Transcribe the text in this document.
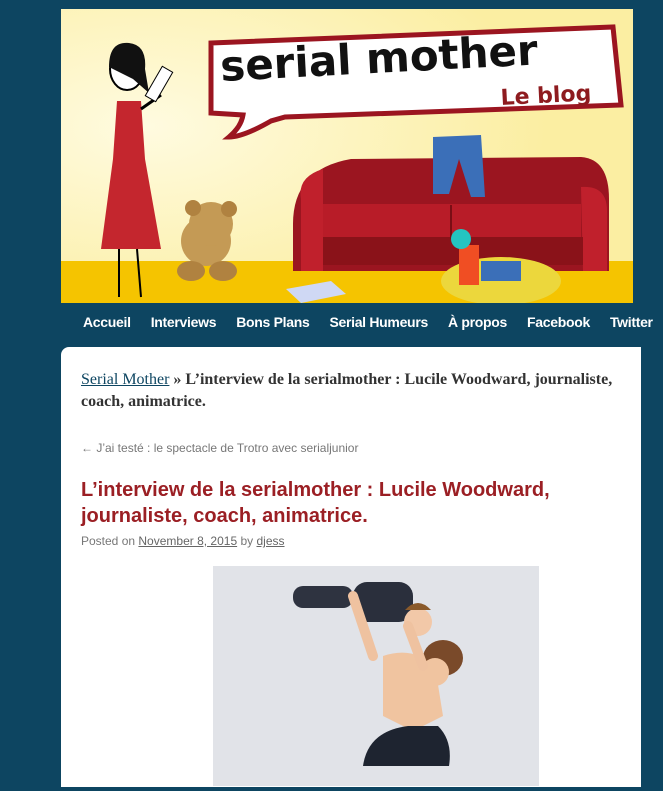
serial mother
Le blog
Accueil	Interviews	Bons Plans	Serial Humeurs	À propos	Facebook	Twitter
Serial Mother » L’interview de la serialmother : Lucile Woodward, journaliste, coach, animatrice.
← J’ai testé : le spectacle de Trotro avec serialjunior
L’interview de la serialmother : Lucile Woodward, journaliste, coach, animatrice.
Posted on November 8, 2015 by djess
